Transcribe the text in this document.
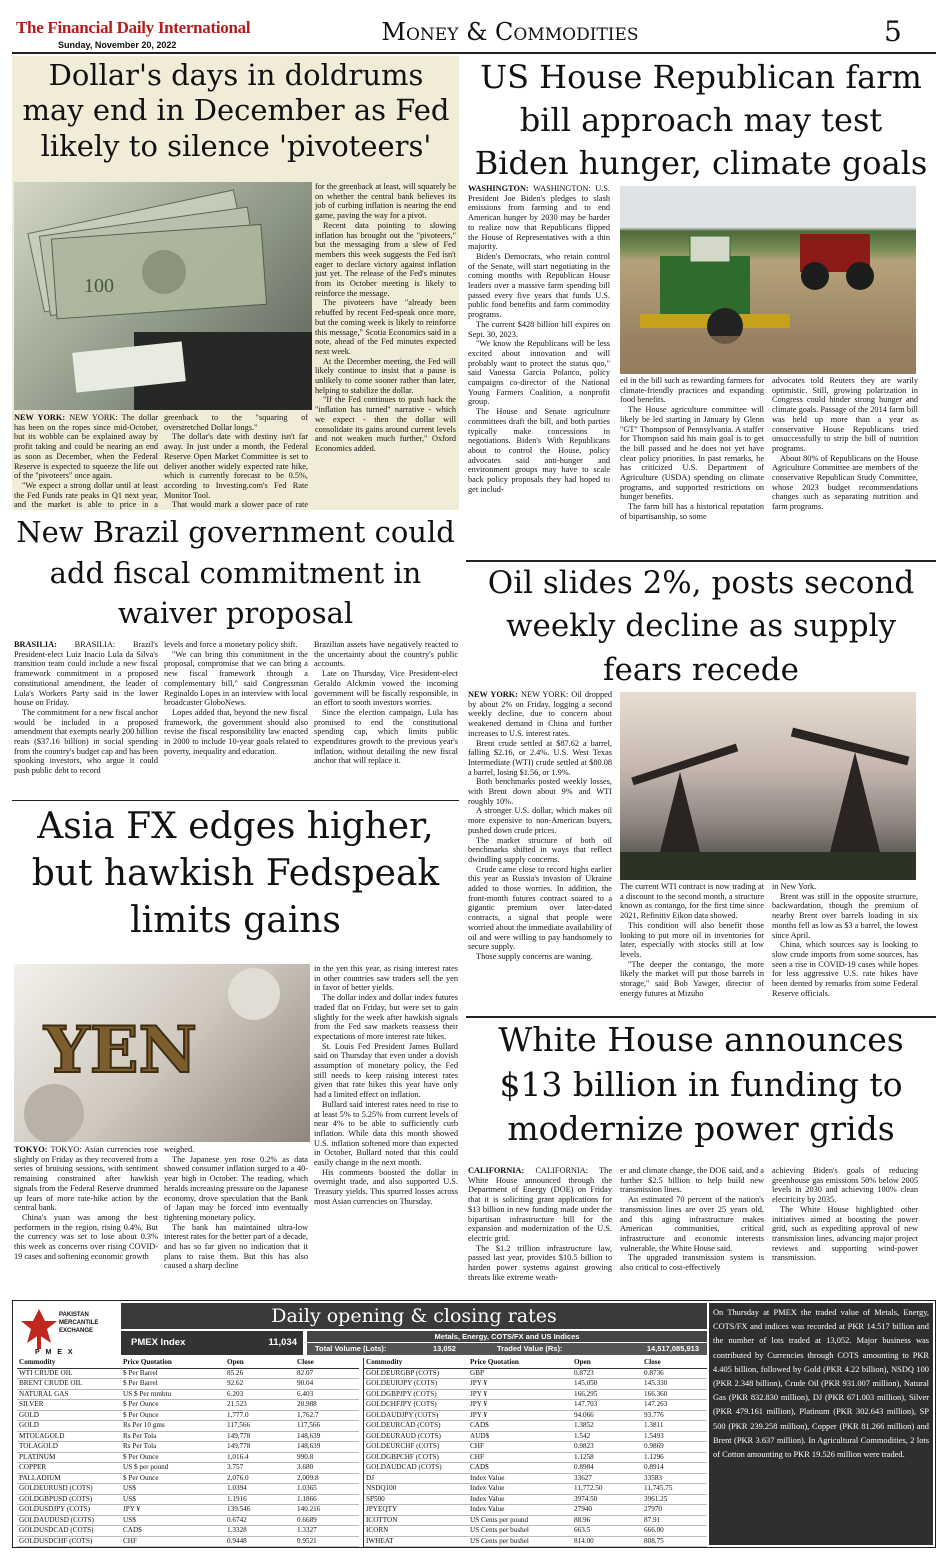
The Financial Daily International
Sunday, November 20, 2022	Money & Commodities	5
Dollar's days in doldrums may end in December as Fed likely to silence 'pivoteers'
100

NEW YORK: NEW YORK: The dollar has been on the ropes since mid-October, but its wobble can be explained away by profit taking and could be nearing an end as soon as December, when the Federal Reserve is expected to squeeze the life out of the "pivoteers" once again.

"We expect a strong dollar until at least the Fed Funds rate peaks in Q1 next year, and the market is able to price in a

greenback to the "squaring of overstretched Dollar longs."

The dollar's date with destiny isn't far away. In just under a month, the Federal Reserve Open Market Committee is set to deliver another widely expected rate hike, which is currently forecast to be 0.5%, according to Investing.com's Fed Rate Monitor Tool.

That would mark a slower pace of rate

for the greenback at least, will squarely be on whether the central bank believes its job of curbing inflation is nearing the end game, paving the way for a pivot.

Recent data pointing to slowing inflation has brought out the "pivoteers," but the messaging from a slew of Fed members this week suggests the Fed isn't eager to declare victory against inflation just yet. The release of the Fed's minutes from its October meeting is likely to reinforce the message.

The pivoteers have "already been rebuffed by recent Fed-speak once more, but the coming week is likely to reinforce this message," Scotia Economics said in a note, ahead of the Fed minutes expected next week.

At the December meeting, the Fed will likely continue to insist that a pause is unlikely to come sooner rather than later, helping to stabilize the dollar.

"If the Fed continues to push back the "inflation has turned" narrative - which we expect - then the dollar will consolidate its gains around current levels and not weaken much further," Oxford Economics added.

US House Republican farm bill approach may test Biden hunger, climate goals

WASHINGTON: WASHINGTON: U.S. President Joe Biden's pledges to slash emissions from farming and to end American hunger by 2030 may be harder to realize now that Republicans flipped the House of Representatives with a thin majority.

Biden's Democrats, who retain control of the Senate, will start negotiating in the coming months with Republican House leaders over a massive farm spending bill passed every five years that funds U.S. public food benefits and farm commodity programs.

The current $428 billion bill expires on Sept. 30, 2023.

"We know the Republicans will be less excited about innovation and will probably want to protect the status quo," said Vanessa Garcia Polanco, policy campaigns co-director of the National Young Farmers Coalition, a nonprofit group.

The House and Senate agriculture committees draft the bill, and both parties typically make concessions in negotiations. Biden's With Republicans about to control the House, policy advocates said anti-hunger and environment groups may have to scale back policy proposals they had hoped to get includ-

ed in the bill such as rewarding farmers for climate-friendly practices and expanding food benefits.

The House agriculture committee will likely be led starting in January by Glenn "GT" Thompson of Pennsylvania. A staffer for Thompson said his main goal is to get the bill passed and he does not yet have clear policy priorities. In past remarks, he has criticized U.S. Department of Agriculture (USDA) spending on climate programs, and supported restrictions on hunger benefits.

The farm bill has a historical reputation of bipartisanship, so some

advocates told Reuters they are warily optimistic. Still, growing polarization in Congress could hinder strong hunger and climate goals. Passage of the 2014 farm bill was held up more than a year as conservative House Republicans tried unsuccessfully to strip the bill of nutrition programs.

About 80% of Republicans on the House Agriculture Committee are members of the conservative Republican Study Committee, whose 2023 budget recommendations changes such as separating nutrition and farm programs.

New Brazil government could add fiscal commitment in waiver proposal

BRASILIA: BRASILIA: Brazil's President-elect Luiz Inacio Lula da Silva's transition team could include a new fiscal framework commitment in a proposed constitutional amendment, the leader of Lula's Workers Party said in the lower house on Friday.

The commitment for a new fiscal anchor would be included in a proposed amendment that exempts nearly 200 billion reais ($37.16 billion) in social spending from the country's budget cap and has been spooking investors, who argue it could push public debt to record

levels and force a monetary policy shift.

"We can bring this commitment in the proposal, compromise that we can bring a new fiscal framework through a complementary bill," said Congressman Reginaldo Lopes in an interview with local broadcaster GloboNews.

Lopes added that, beyond the new fiscal framework, the government should also revise the fiscal responsibility law enacted in 2000 to include 10-year goals related to poverty, inequality and education.

Brazilian assets have negatively reacted to the uncertainty about the country's public accounts.

Late on Thursday, Vice President-elect Geraldo Alckmin vowed the incoming government will be fiscally responsible, in an effort to sooth investors worries.

Since the election campaign, Lula has promised to end the constitutional spending cap, which limits public expenditures growth to the previous year's inflation, without detailing the new fiscal anchor that will replace it.

Oil slides 2%, posts second weekly decline as supply fears recede

NEW YORK: NEW YORK: Oil dropped by about 2% on Friday, logging a second weekly decline, due to concern about weakened demand in China and further increases to U.S. interest rates.

Brent crude settled at $87.62 a barrel, falling $2.16, or 2.4%. U.S. West Texas Intermediate (WTI) crude settled at $80.08 a barrel, losing $1.56, or 1.9%.

Both benchmarks posted weekly losses, with Brent down about 9% and WTI roughly 10%.

A stronger U.S. dollar, which makes oil more expensive to non-American buyers, pushed down crude prices.

The market structure of both oil benchmarks shifted in ways that reflect dwindling supply concerns.

Crude came close to record highs earlier this year as Russia's invasion of Ukraine added to those worries. In addition, the front-month futures contract soared to a gigantic premium over later-dated contracts, a signal that people were worried about the immediate availability of oil and were willing to pay handsomely to secure supply.

Those supply concerns are waning.

The current WTI contract is now trading at a discount to the second month, a structure known as contango, for the first time since 2021, Refinitiv Eikon data showed.

This condition will also benefit those looking to put more oil in inventories for later, especially with stocks still at low levels.

"The deeper the contango, the more likely the market will put those barrels in storage," said Bob Yawger, director of energy futures at Mizuho

in New York.

Brent was still in the opposite structure, backwardation, though the premium of nearby Brent over barrels loading in six months fell as low as $3 a barrel, the lowest since April.

China, which sources say is looking to slow crude imports from some sources, has seen a rise in COVID-19 cases while hopes for less aggressive U.S. rate hikes have been dented by remarks from some Federal Reserve officials.

Asia FX edges higher, but hawkish Fedspeak limits gains
YEN

TOKYO: TOKYO: Asian currencies rose slightly on Friday as they recovered from a series of bruising sessions, with sentiment remaining constrained after hawkish signals from the Federal Reserve drummed up fears of more rate-hike action by the central bank.

China's yuan was among the best performers in the region, rising 0.4%. But the currency was set to lose about 0.3% this week as concerns over rising COVID-19 cases and softening economic growth

weighed.

The Japanese yen rose 0.2% as data showed consumer inflation surged to a 40-year high in October. The reading, which heralds increasing pressure on the Japanese economy, drove speculation that the Bank of Japan may be forced into eventually tightening monetary policy.

The bank has maintained ultra-low interest rates for the better part of a decade, and has so far given no indication that it plans to raise them. But this has also caused a sharp decline

in the yen this year, as rising interest rates in other countries saw traders sell the yen in favor of better yields.

The dollar index and dollar index futures traded flat on Friday, but were set to gain slightly for the week after hawkish signals from the Fed saw markets reassess their expectations of more interest rate hikes.

St. Louis Fed President James Bullard said on Thursday that even under a dovish assumption of monetary policy, the Fed still needs to keep raising interest rates given that rate hikes this year have only had a limited effect on inflation.

Bullard said interest rates need to rise to at least 5% to 5.25% from current levels of near 4% to be able to sufficiently curb inflation. While data this month showed U.S. inflation softened more than expected in October, Bullard noted that this could easily change in the next month.

His comments boosted the dollar in overnight trade, and also supported U.S. Treasury yields. This spurred losses across most Asian currencies on Thursday.

White House announces $13 billion in funding to modernize power grids

CALIFORNIA: CALIFORNIA: The White House announced through the Department of Energy (DOE) on Friday that it is soliciting grant applications for $13 billion in new funding made under the bipartisan infrastructure bill for the expansion and modernization of the U.S. electric grid.

The $1.2 trillion infrastructure law, passed last year, provides $10.5 billion to harden power systems against growing threats like extreme weath-

er and climate change, the DOE said, and a further $2.5 billion to help build new transmission lines.

An estimated 70 percent of the nation's transmission lines are over 25 years old, and this aging infrastructure makes American communities, critical infrastructure and economic interests vulnerable, the White House said.

The upgraded transmission system is also critical to cost-effectively

achieving Biden's goals of reducing greenhouse gas emissions 50% below 2005 levels in 2030 and achieving 100% clean electricity by 2035.

The White House highlighted other initiatives aimed at boosting the power grid, such as expediting approval of new transmission lines, advancing major project reviews and supporting wind-power transmission.

PAKISTAN
MERCANTILE
EXCHANGE
P M E X
Daily opening & closing rates
Metals, Energy, COTS/FX and US Indices
PMEX Index	11,034
Total Volume (Lots):	13,052	Traded Value (Rs):	14,517,085,913
Commodity	Price Quotation	Open	Close
WTI CRUDE OIL	$ Per Barrel	85.26	82.07
BRENT CRUDE OIL	$ Per Barrel	92.62	90.04
NATURAL GAS	US $ Per mmbtu	6.203	6.403
SILVER	$ Per Ounce	21.523	20.988
GOLD	$ Per Ounce	1,777.0	1,762.7
GOLD	Rs Per 10 gms	117,566	117,566
MTOLAGOLD	Rs Per Tola	149,778	148,639
TOLAGOLD	Rs Per Tola	149,778	148,639
PLATINUM	$ Per Ounce	1,016.4	990.8
COPPER	US $ per pound	3.757	3.680
PALLADIUM	$ Per Ounce	2,076.0	2,009.8
GOLDEURUSD (COTS)	US$	1.0394	1.0365
GOLDGBPUSD (COTS)	US$	1.1916	1.1866
GOLDUSDJPY (COTS)	JPY ¥	139.546	140.216
GOLDAUDUSD (COTS)	US$	0.6742	0.6689
GOLDUSDCAD (COTS)	CAD$	1.3328	1.3327
GOLDUSDCHF (COTS)	CHF	0.9448	0.9521
Commodity	Price Quotation	Open	Close
GOLDEURGBP (COTS)	GBP	0.8723	0.8736
GOLDEURJPY (COTS)	JPY ¥	145.050	145.330
GOLDGBPJPY (COTS)	JPY ¥	166.295	166.360
GOLDCHFJPY (COTS)	JPY ¥	147.703	147.263
GOLDAUDJPY (COTS)	JPY ¥	94.066	93.776
GOLDEURCAD (COTS)	CAD$	1.3852	1.3811
GOLDEURAUD (COTS)	AUD$	1.542	1.5493
GOLDEURCHF (COTS)	CHF	0.9823	0.9869
GOLDGBPCHF (COTS)	CHF	1.1258	1.1296
GOLDAUDCAD (COTS)	CAD$	0.8984	0.8914
DJ	Index Value	33627	33583
NSDQ100	Index Value	11,772.50	11,745.75
SP500	Index Value	3974.50	3961.25
JPYEQTY	Index Value	27940	27970
ICOTTON	US Cents per pound	88.96	87.91
ICORN	US Cents per bushel	663.5	666.00
IWHEAT	US Cents per bushel	814.00	808.75
On Thursday at PMEX the traded value of Metals, Energy, COTS/FX and indices was recorded at PKR 14.517 billion and the number of lots traded at 13,052. Major business was contributed by Currencies through COTS amounting to PKR 4.405 billion, followed by Gold (PKR 4.22 billion), NSDQ 100 (PKR 2.348 billion), Crude Oil (PKR 931.007 million), Natural Gas (PKR 832.830 million), DJ (PKR 671.003 million), Silver (PKR 479.161 million), Platinum (PKR 302.643 million), SP 500 (PKR 239.258 million), Copper (PKR 81.266 million) and Brent (PKR 3.637 million). In Agricultural Commodities, 2 lots of Cotton amounting to PKR 19.526 million were traded.
